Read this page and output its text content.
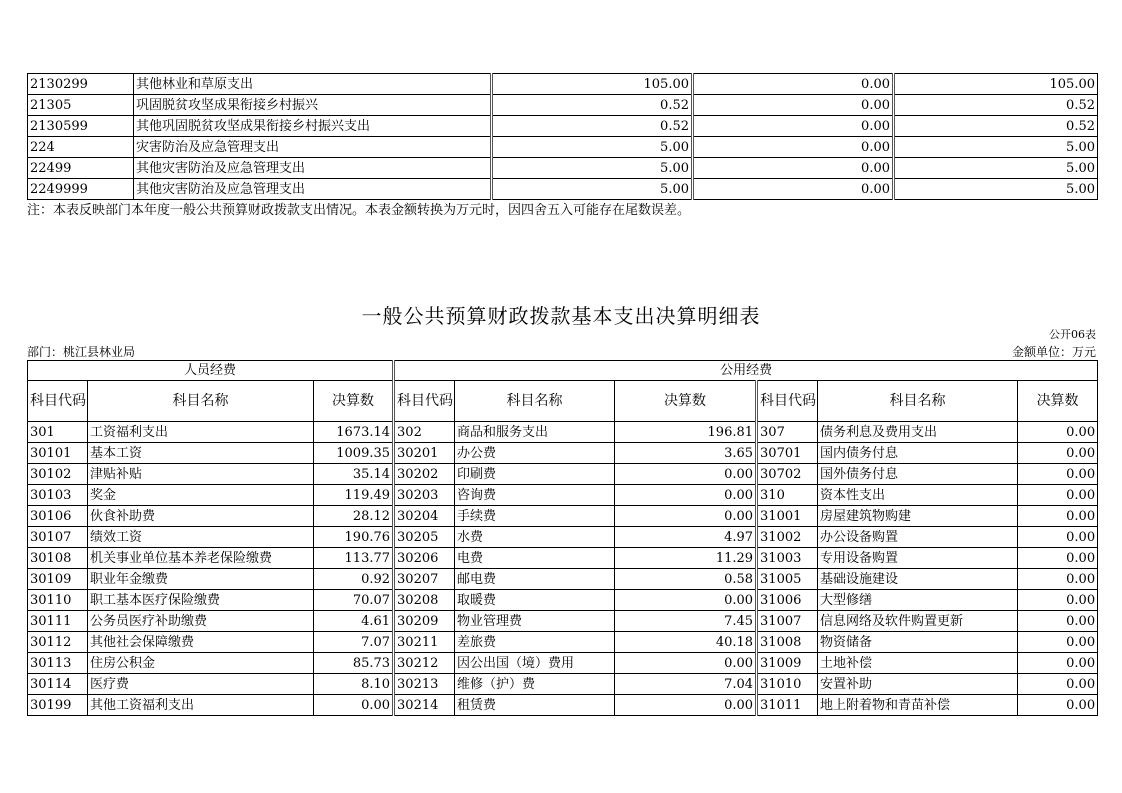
2130299	其他林业和草原支出	105.00	0.00	105.00
21305	巩固脱贫攻坚成果衔接乡村振兴	0.52	0.00	0.52
2130599	其他巩固脱贫攻坚成果衔接乡村振兴支出	0.52	0.00	0.52
224	灾害防治及应急管理支出	5.00	0.00	5.00
22499	其他灾害防治及应急管理支出	5.00	0.00	5.00
2249999	其他灾害防治及应急管理支出	5.00	0.00	5.00
注：本表反映部门本年度一般公共预算财政拨款支出情况。本表金额转换为万元时，因四舍五入可能存在尾数误差。
一般公共预算财政拨款基本支出决算明细表
公开06表
部门：桃江县林业局	金额单位：万元
人员经费			公用经费					
科目代码	科目名称	决算数	科目代码	科目名称	决算数	科目代码	科目名称	决算数
301	工资福利支出	1673.14	302	商品和服务支出	196.81	307	债务利息及费用支出	0.00
30101	基本工资	1009.35	30201	办公费	3.65	30701	国内债务付息	0.00
30102	津贴补贴	35.14	30202	印刷费	0.00	30702	国外债务付息	0.00
30103	奖金	119.49	30203	咨询费	0.00	310	资本性支出	0.00
30106	伙食补助费	28.12	30204	手续费	0.00	31001	房屋建筑物购建	0.00
30107	绩效工资	190.76	30205	水费	4.97	31002	办公设备购置	0.00
30108	机关事业单位基本养老保险缴费	113.77	30206	电费	11.29	31003	专用设备购置	0.00
30109	职业年金缴费	0.92	30207	邮电费	0.58	31005	基础设施建设	0.00
30110	职工基本医疗保险缴费	70.07	30208	取暖费	0.00	31006	大型修缮	0.00
30111	公务员医疗补助缴费	4.61	30209	物业管理费	7.45	31007	信息网络及软件购置更新	0.00
30112	其他社会保障缴费	7.07	30211	差旅费	40.18	31008	物资储备	0.00
30113	住房公积金	85.73	30212	因公出国（境）费用	0.00	31009	土地补偿	0.00
30114	医疗费	8.10	30213	维修（护）费	7.04	31010	安置补助	0.00
30199	其他工资福利支出	0.00	30214	租赁费	0.00	31011	地上附着物和青苗补偿	0.00
